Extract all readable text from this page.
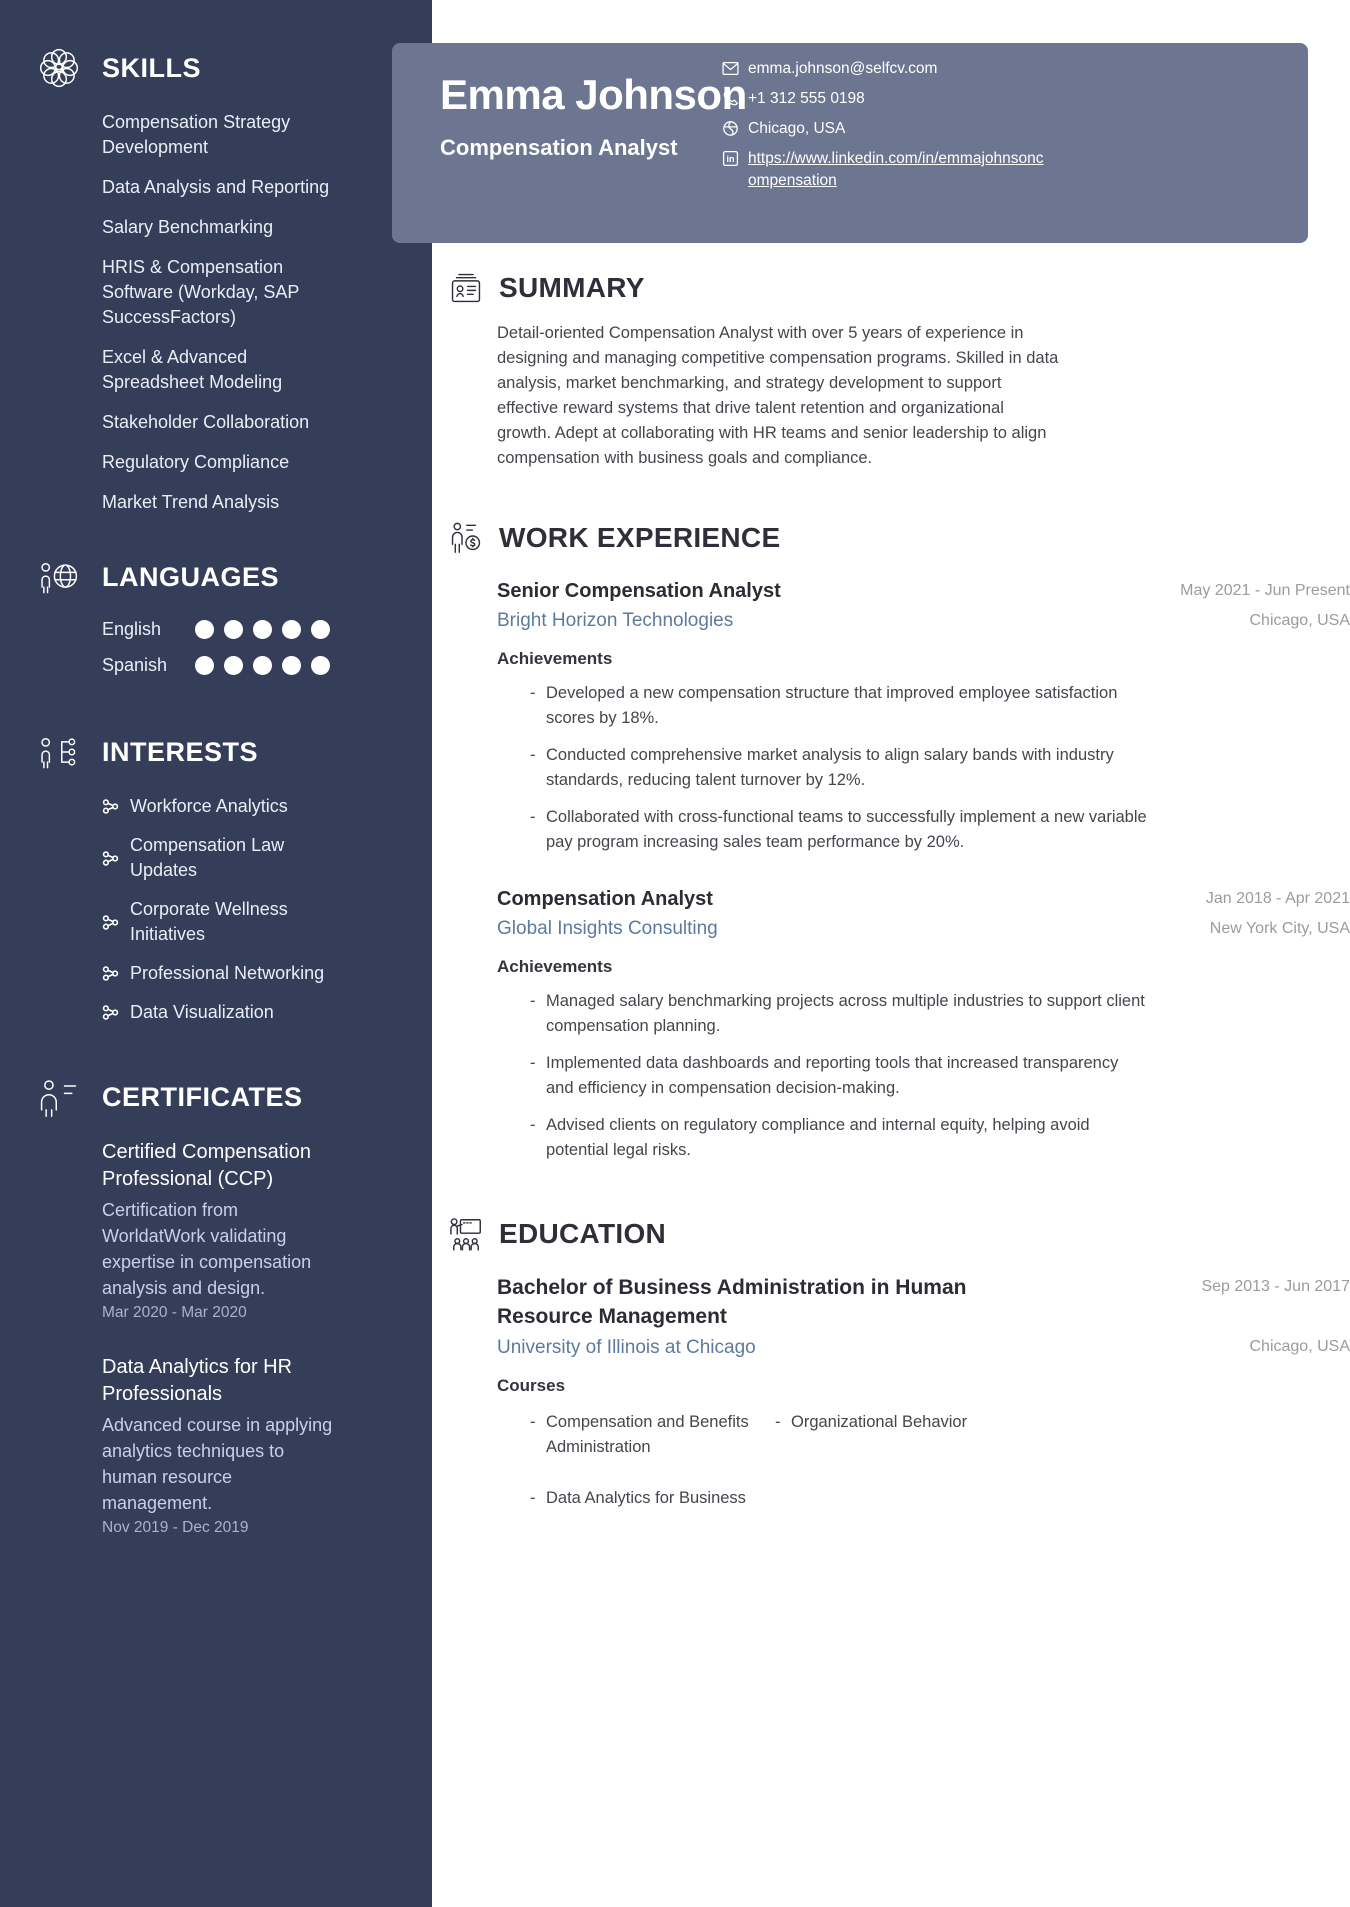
SKILLS
Compensation Strategy Development
Data Analysis and Reporting
Salary Benchmarking
HRIS & Compensation Software (Workday, SAP SuccessFactors)
Excel & Advanced Spreadsheet Modeling
Stakeholder Collaboration
Regulatory Compliance
Market Trend Analysis
LANGUAGES
English
Spanish
INTERESTS
Workforce Analytics
Compensation Law Updates
Corporate Wellness Initiatives
Professional Networking
Data Visualization
CERTIFICATES
Certified Compensation Professional (CCP)
Certification from WorldatWork validating expertise in compensation analysis and design.
Mar 2020 - Mar 2020
Data Analytics for HR Professionals
Advanced course in applying analytics techniques to human resource management.
Nov 2019 - Dec 2019
Emma Johnson
Compensation Analyst
emma.johnson@selfcv.com
+1 312 555 0198
Chicago, USA
in https://www.linkedin.com/in/emmajohnsoncompensation
SUMMARY
Detail-oriented Compensation Analyst with over 5 years of experience in designing and managing competitive compensation programs. Skilled in data analysis, market benchmarking, and strategy development to support effective reward systems that drive talent retention and organizational growth. Adept at collaborating with HR teams and senior leadership to align compensation with business goals and compliance.
WORK EXPERIENCE
Senior Compensation Analyst	May 2021 - Jun Present
Bright Horizon Technologies	Chicago, USA
Achievements
- Developed a new compensation structure that improved employee satisfaction scores by 18%.
- Conducted comprehensive market analysis to align salary bands with industry standards, reducing talent turnover by 12%.
- Collaborated with cross-functional teams to successfully implement a new variable pay program increasing sales team performance by 20%.
Compensation Analyst	Jan 2018 - Apr 2021
Global Insights Consulting	New York City, USA
Achievements
- Managed salary benchmarking projects across multiple industries to support client compensation planning.
- Implemented data dashboards and reporting tools that increased transparency and efficiency in compensation decision-making.
- Advised clients on regulatory compliance and internal equity, helping avoid potential legal risks.
EDUCATION
Bachelor of Business Administration in Human Resource Management
Sep 2013 - Jun 2017
University of Illinois at Chicago	Chicago, USA
Courses
- Compensation and Benefits Administration
- Organizational Behavior
- Data Analytics for Business
